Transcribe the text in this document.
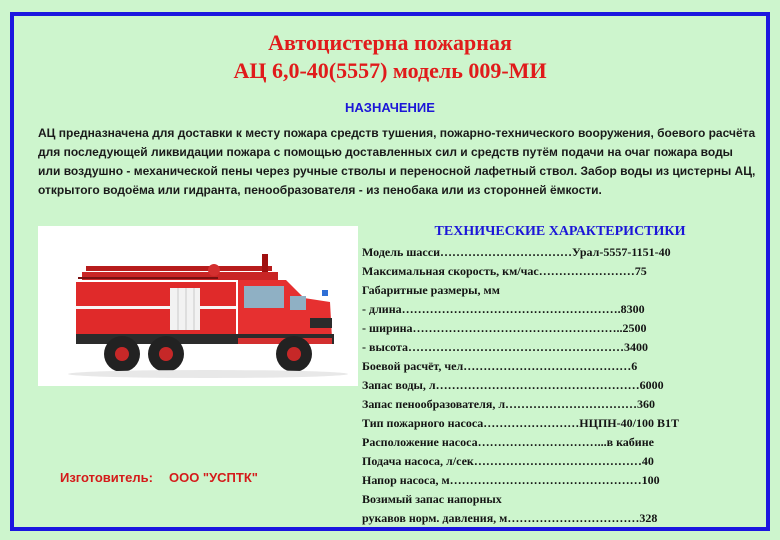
Автоцистерна пожарная
АЦ 6,0-40(5557) модель 009-МИ
НАЗНАЧЕНИЕ
АЦ предназначена для доставки к месту пожара средств тушения, пожарно-технического вооружения, боевого расчёта для последующей ликвидации пожара с помощью доставленных сил и средств путём подачи на очаг пожара воды или воздушно - механической пены через ручные стволы и переносной лафетный ствол. Забор воды из цистерны АЦ, открытого водоёма или гидранта, пенообразователя - из пенобака или из сторонней ёмкости.
Изготовитель: ООО "УСПТК"
ТЕХНИЧЕСКИЕ ХАРАКТЕРИСТИКИ
Модель шасси……………………………Урал-5557-1151-40
Максимальная скорость, км/час……………………75
Габаритные размеры, мм
- длина……………………………………………….8300
- ширина……………………………………………..2500
- высота………………………………………………3400
Боевой расчёт, чел……………………………………6
Запас воды, л……………………………………………6000
Запас пенообразователя, л……………………………360
Тип пожарного насоса……………………НЦПН-40/100 В1Т
Расположение насоса…………………………...в кабине
Подача насоса, л/сек……………………………………40
Напор насоса, м…………………………………………100
Возимый запас напорных
рукавов норм. давления, м……………………………328
